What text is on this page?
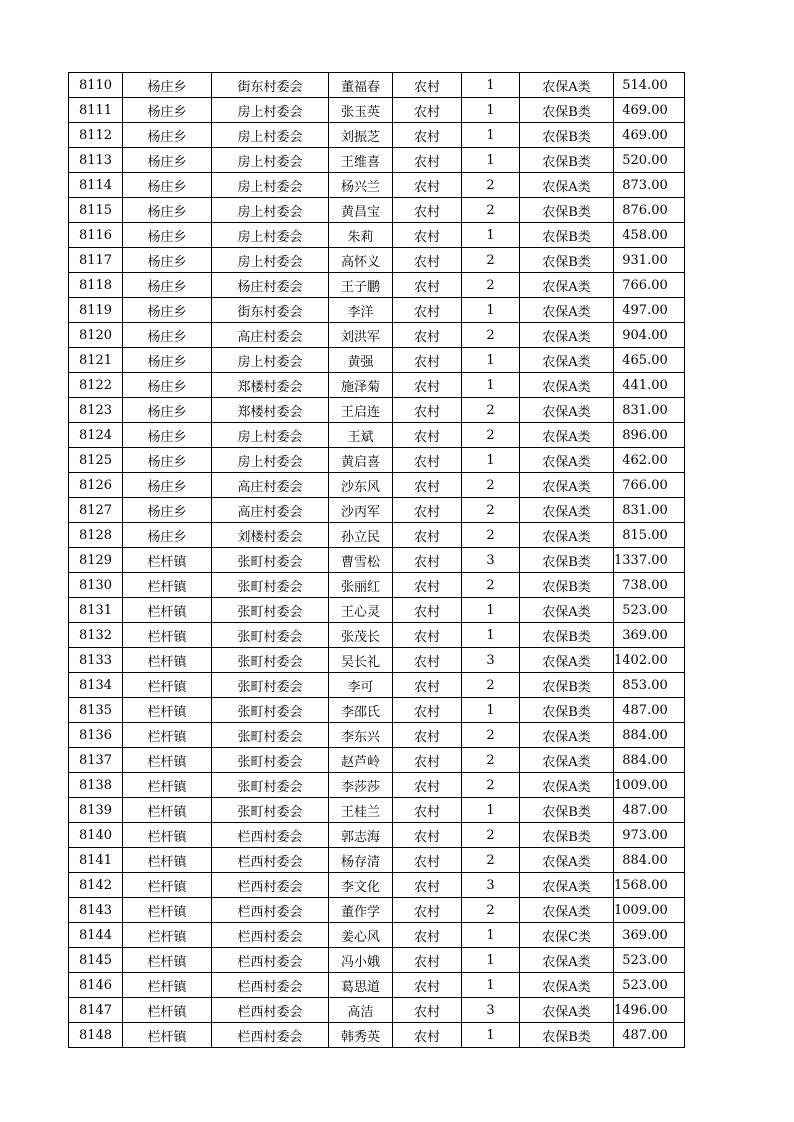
8110	杨庄乡	街东村委会	董福春	农村	1	农保A类	514.00
8111	杨庄乡	房上村委会	张玉英	农村	1	农保B类	469.00
8112	杨庄乡	房上村委会	刘振芝	农村	1	农保B类	469.00
8113	杨庄乡	房上村委会	王维喜	农村	1	农保B类	520.00
8114	杨庄乡	房上村委会	杨兴兰	农村	2	农保A类	873.00
8115	杨庄乡	房上村委会	黄昌宝	农村	2	农保B类	876.00
8116	杨庄乡	房上村委会	朱莉	农村	1	农保B类	458.00
8117	杨庄乡	房上村委会	高怀义	农村	2	农保B类	931.00
8118	杨庄乡	杨庄村委会	王子鹏	农村	2	农保A类	766.00
8119	杨庄乡	街东村委会	李洋	农村	1	农保A类	497.00
8120	杨庄乡	高庄村委会	刘洪军	农村	2	农保A类	904.00
8121	杨庄乡	房上村委会	黄强	农村	1	农保A类	465.00
8122	杨庄乡	郑楼村委会	施泽菊	农村	1	农保A类	441.00
8123	杨庄乡	郑楼村委会	王启连	农村	2	农保A类	831.00
8124	杨庄乡	房上村委会	王斌	农村	2	农保A类	896.00
8125	杨庄乡	房上村委会	黄启喜	农村	1	农保A类	462.00
8126	杨庄乡	高庄村委会	沙东风	农村	2	农保A类	766.00
8127	杨庄乡	高庄村委会	沙丙军	农村	2	农保A类	831.00
8128	杨庄乡	刘楼村委会	孙立民	农村	2	农保A类	815.00
8129	栏杆镇	张町村委会	曹雪松	农村	3	农保B类	1337.00
8130	栏杆镇	张町村委会	张丽红	农村	2	农保B类	738.00
8131	栏杆镇	张町村委会	王心灵	农村	1	农保A类	523.00
8132	栏杆镇	张町村委会	张茂长	农村	1	农保B类	369.00
8133	栏杆镇	张町村委会	吴长礼	农村	3	农保A类	1402.00
8134	栏杆镇	张町村委会	李可	农村	2	农保B类	853.00
8135	栏杆镇	张町村委会	李邵氏	农村	1	农保B类	487.00
8136	栏杆镇	张町村委会	李东兴	农村	2	农保A类	884.00
8137	栏杆镇	张町村委会	赵芦岭	农村	2	农保A类	884.00
8138	栏杆镇	张町村委会	李莎莎	农村	2	农保A类	1009.00
8139	栏杆镇	张町村委会	王桂兰	农村	1	农保B类	487.00
8140	栏杆镇	栏西村委会	郭志海	农村	2	农保B类	973.00
8141	栏杆镇	栏西村委会	杨存清	农村	2	农保A类	884.00
8142	栏杆镇	栏西村委会	李文化	农村	3	农保A类	1568.00
8143	栏杆镇	栏西村委会	董作学	农村	2	农保A类	1009.00
8144	栏杆镇	栏西村委会	姜心风	农村	1	农保C类	369.00
8145	栏杆镇	栏西村委会	冯小娥	农村	1	农保A类	523.00
8146	栏杆镇	栏西村委会	葛思道	农村	1	农保A类	523.00
8147	栏杆镇	栏西村委会	高洁	农村	3	农保A类	1496.00
8148	栏杆镇	栏西村委会	韩秀英	农村	1	农保B类	487.00
